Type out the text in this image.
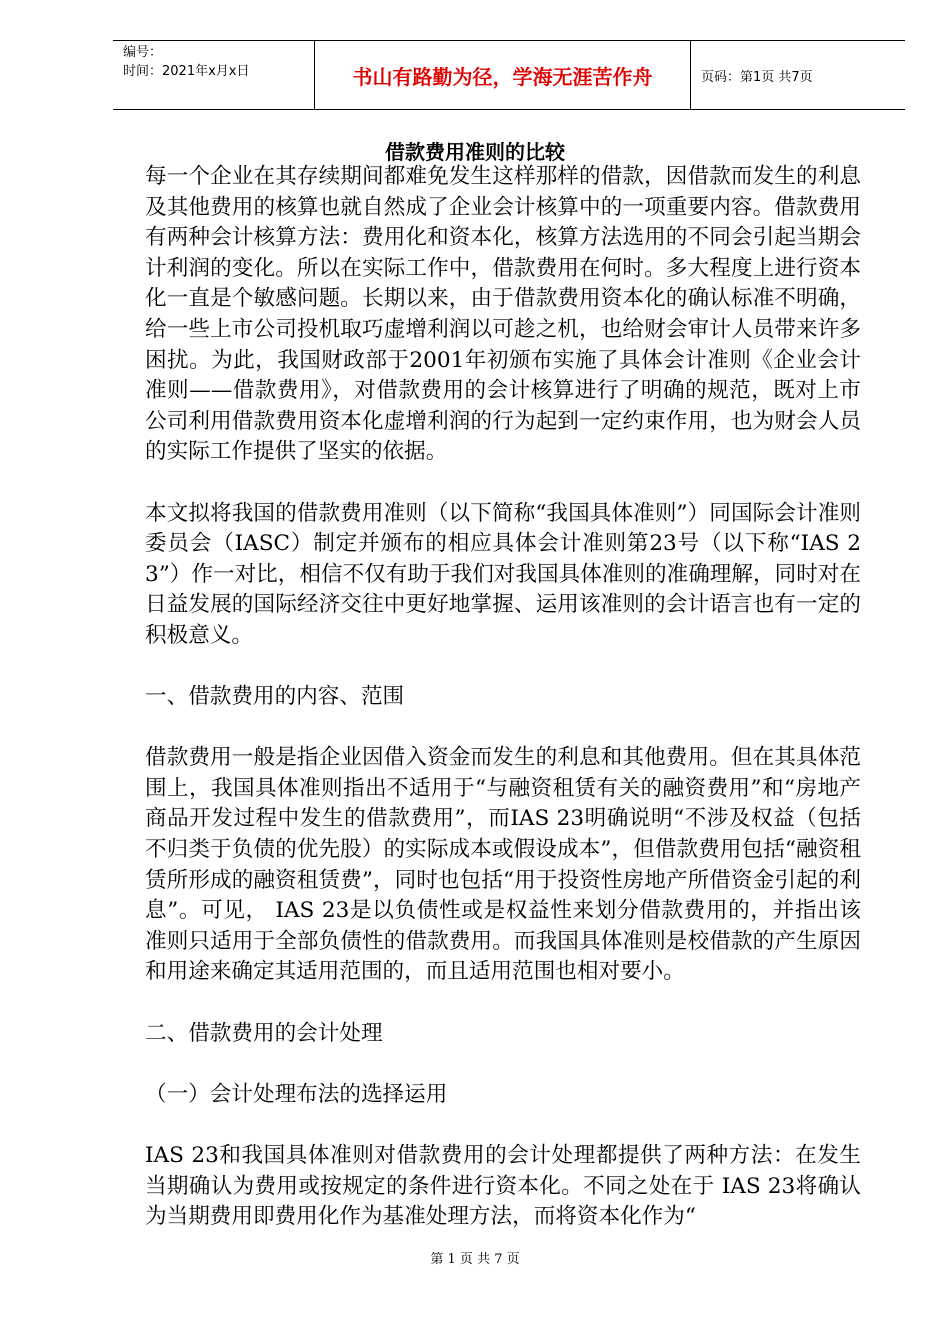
编号：
时间：2021年x月x日	书山有路勤为径，学海无涯苦作舟	页码：第1页 共7页
借款费用准则的比较

每一个企业在其存续期间都难免发生这样那样的借款，因借款而发生的利息及其他费用的核算也就自然成了企业会计核算中的一项重要内容。借款费用有两种会计核算方法：费用化和资本化，核算方法选用的不同会引起当期会计利润的变化。所以在实际工作中，借款费用在何时。多大程度上进行资本化一直是个敏感问题。长期以来，由于借款费用资本化的确认标准不明确，给一些上市公司投机取巧虚增利润以可趁之机，也给财会审计人员带来许多困扰。为此，我国财政部于2001年初颁布实施了具体会计准则《企业会计准则——借款费用》，对借款费用的会计核算进行了明确的规范，既对上市公司利用借款费用资本化虚增利润的行为起到一定约束作用，也为财会人员的实际工作提供了坚实的依据。

本文拟将我国的借款费用准则（以下简称“我国具体准则”）同国际会计准则委员会（IASC）制定并颁布的相应具体会计准则第23号（以下称“IAS 23”）作一对比，相信不仅有助于我们对我国具体准则的准确理解，同时对在日益发展的国际经济交往中更好地掌握、运用该准则的会计语言也有一定的积极意义。

一、借款费用的内容、范围

借款费用一般是指企业因借入资金而发生的利息和其他费用。但在其具体范围上，我国具体准则指出不适用于“与融资租赁有关的融资费用”和“房地产商品开发过程中发生的借款费用”，而IAS 23明确说明“不涉及权益（包括不归类于负债的优先股）的实际成本或假设成本”，但借款费用包括“融资租赁所形成的融资租赁费”，同时也包括“用于投资性房地产所借资金引起的利息”。可见， IAS 23是以负债性或是权益性来划分借款费用的，并指出该准则只适用于全部负债性的借款费用。而我国具体准则是校借款的产生原因和用途来确定其适用范围的，而且适用范围也相对要小。

二、借款费用的会计处理

（一）会计处理布法的选择运用

IAS 23和我国具体准则对借款费用的会计处理都提供了两种方法：在发生当期确认为费用或按规定的条件进行资本化。不同之处在于 IAS 23将确认为当期费用即费用化作为基准处理方法，而将资本化作为“

第 1 页 共 7 页
